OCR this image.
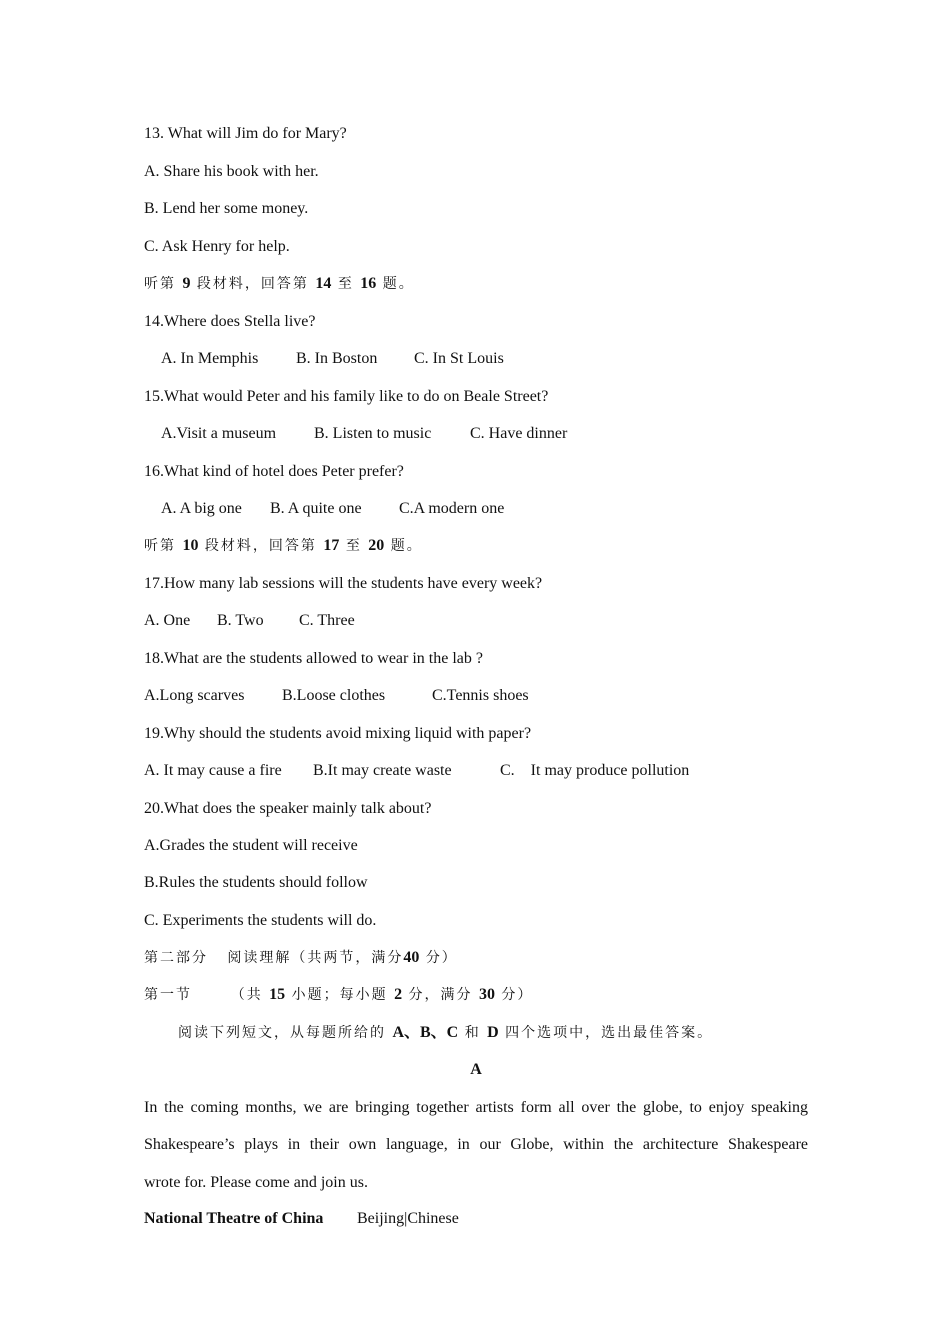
13. What will Jim do for Mary?
A. Share his book with her.
B. Lend her some money.
C. Ask Henry for help.
听第 9 段材料，回答第 14 至 16 题。
14.Where does Stella live?
A. In Memphis B. In Boston C. In St Louis
15.What would Peter and his family like to do on Beale Street?
A.Visit a museum B. Listen to music C. Have dinner
16.What kind of hotel does Peter prefer?
A. A big one B. A quite one C.A modern one
听第 10 段材料，回答第 17 至 20 题。
17.How many lab sessions will the students have every week?
A. One B. Two C. Three
18.What are the students allowed to wear in the lab ?
A.Long scarves B.Loose clothes	C.Tennis shoes
19.Why should the students avoid mixing liquid with paper?
A. It may cause a fire B.It may create waste	C.    It may produce pollution
20.What does the speaker mainly talk about?
A.Grades the student will receive
B.Rules the students should follow
C. Experiments the students will do.
第二部分   阅读理解（共两节，满分40 分）
第一节      （共 15 小题；每小题 2 分，满分 30 分）
阅读下列短文，从每题所给的 A、B、C 和 D 四个选项中，选出最佳答案。
A
In the coming months, we are bringing together artists form all over the globe, to enjoy speaking
Shakespeare’s plays in their own language, in our Globe, within the architecture Shakespeare
wrote for. Please come and join us.
National Theatre of China Beijing|Chinese
